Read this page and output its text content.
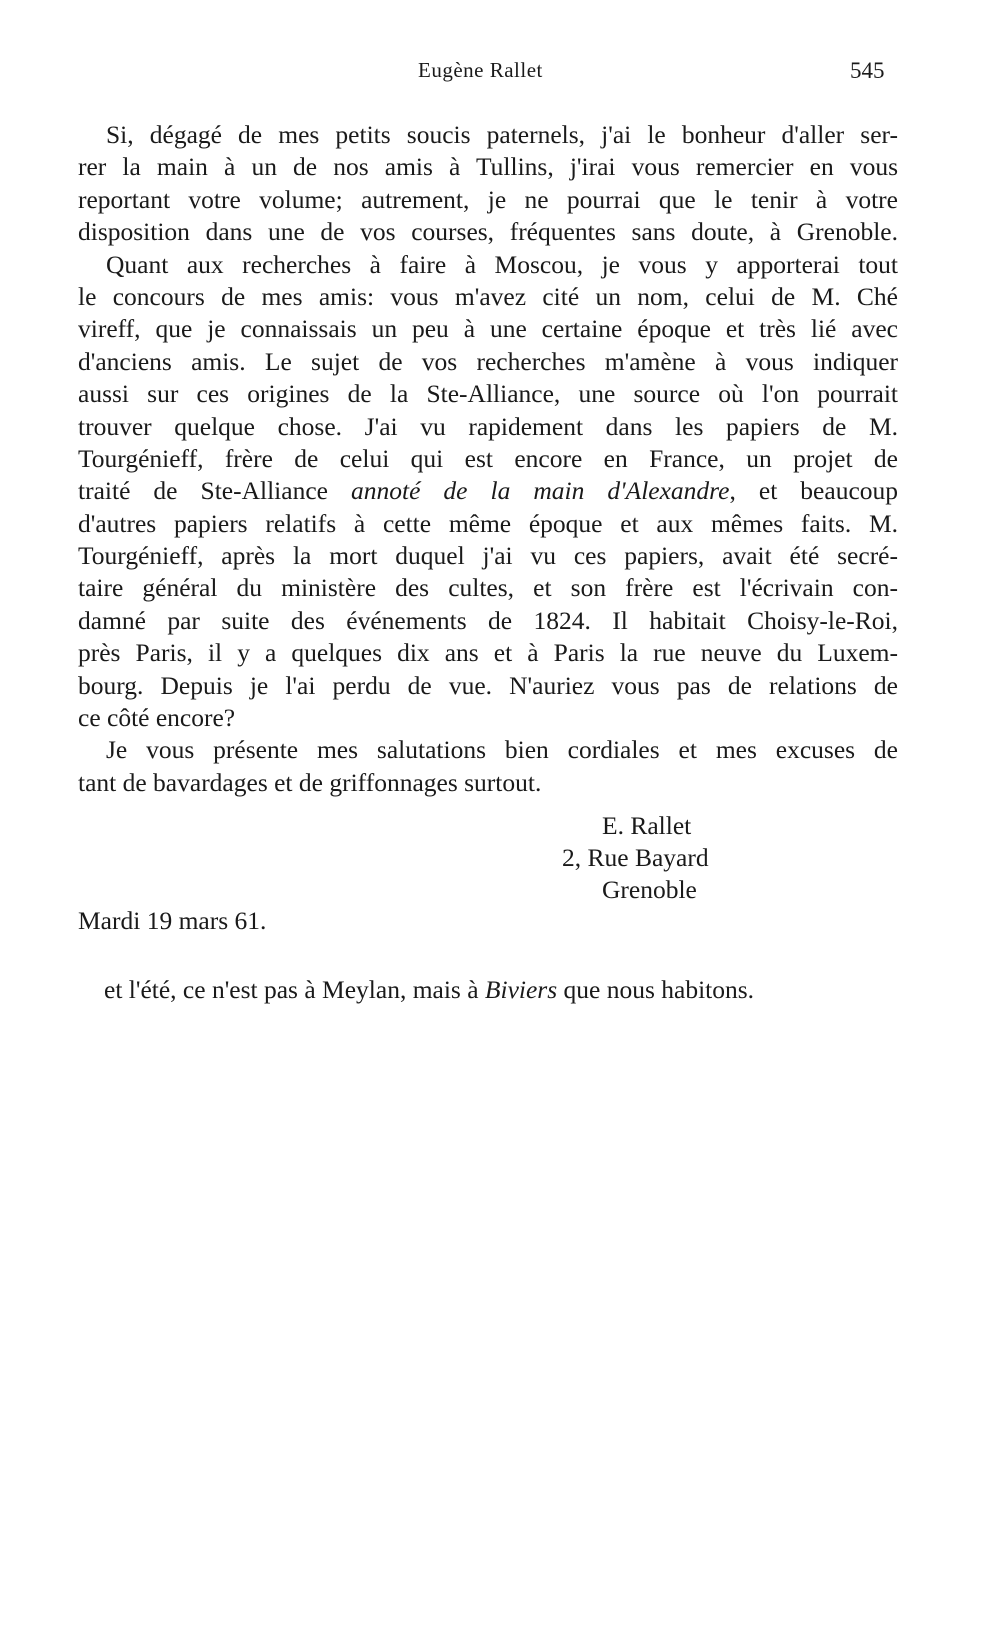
Eugène Rallet	545
Si, dégagé de mes petits soucis paternels, j'ai le bonheur d'aller ser-
rer la main à un de nos amis à Tullins, j'irai vous remercier en vous
reportant votre volume; autrement, je ne pourrai que le tenir à votre
disposition dans une de vos courses, fréquentes sans doute, à Grenoble.
Quant aux recherches à faire à Moscou, je vous y apporterai tout
le concours de mes amis: vous m'avez cité un nom, celui de M. Ché
vireff, que je connaissais un peu à une certaine époque et très lié avec
d'anciens amis. Le sujet de vos recherches m'amène à vous indiquer
aussi sur ces origines de la Ste-Alliance, une source où l'on pourrait
trouver quelque chose. J'ai vu rapidement dans les papiers de M.
Tourgénieff, frère de celui qui est encore en France, un projet de
traité de Ste-Alliance annoté de la main d'Alexandre, et beaucoup
d'autres papiers relatifs à cette même époque et aux mêmes faits. M.
Tourgénieff, après la mort duquel j'ai vu ces papiers, avait été secré-
taire général du ministère des cultes, et son frère est l'écrivain con-
damné par suite des événements de 1824. Il habitait Choisy-le-Roi,
près Paris, il y a quelques dix ans et à Paris la rue neuve du Luxem-
bourg. Depuis je l'ai perdu de vue. N'auriez vous pas de relations de
ce côté encore?
Je vous présente mes salutations bien cordiales et mes excuses de
tant de bavardages et de griffonnages surtout.
E. Rallet
2, Rue Bayard
Grenoble
Mardi 19 mars 61.
et l'été, ce n'est pas à Meylan, mais à Biviers que nous habitons.
